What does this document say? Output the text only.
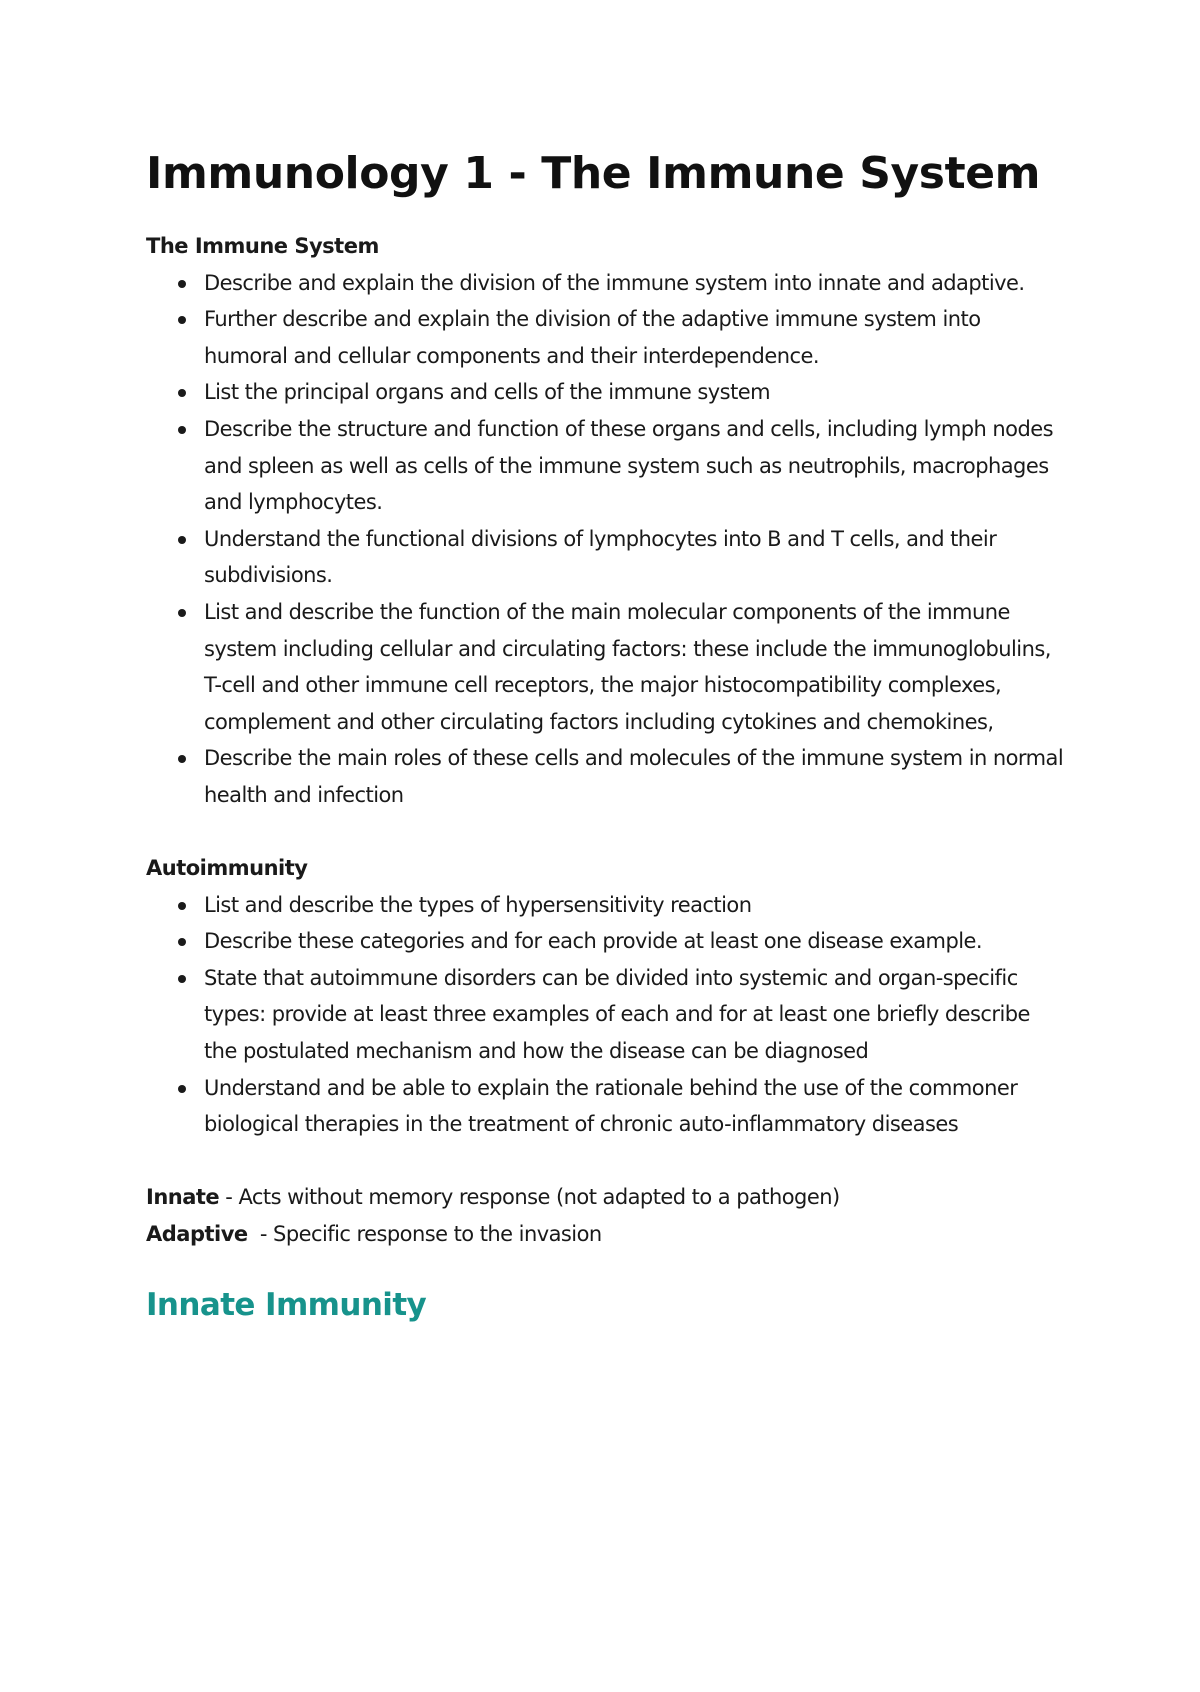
Immunology 1 - The Immune System
The Immune System
Describe and explain the division of the immune system into innate and adaptive.
Further describe and explain the division of the adaptive immune system into humoral and cellular components and their interdependence.
List the principal organs and cells of the immune system
Describe the structure and function of these organs and cells, including lymph nodes and spleen as well as cells of the immune system such as neutrophils, macrophages and lymphocytes.
Understand the functional divisions of lymphocytes into B and T cells, and their subdivisions.
List and describe the function of the main molecular components of the immune system including cellular and circulating factors: these include the immunoglobulins, T-cell and other immune cell receptors, the major histocompatibility complexes, complement and other circulating factors including cytokines and chemokines,
Describe the main roles of these cells and molecules of the immune system in normal health and infection
Autoimmunity
List and describe the types of hypersensitivity reaction
Describe these categories and for each provide at least one disease example.
State that autoimmune disorders can be divided into systemic and organ-specific types: provide at least three examples of each and for at least one briefly describe the postulated mechanism and how the disease can be diagnosed
Understand and be able to explain the rationale behind the use of the commoner biological therapies in the treatment of chronic auto-inflammatory diseases
Innate - Acts without memory response (not adapted to a pathogen)
Adaptive  - Specific response to the invasion
Innate Immunity
